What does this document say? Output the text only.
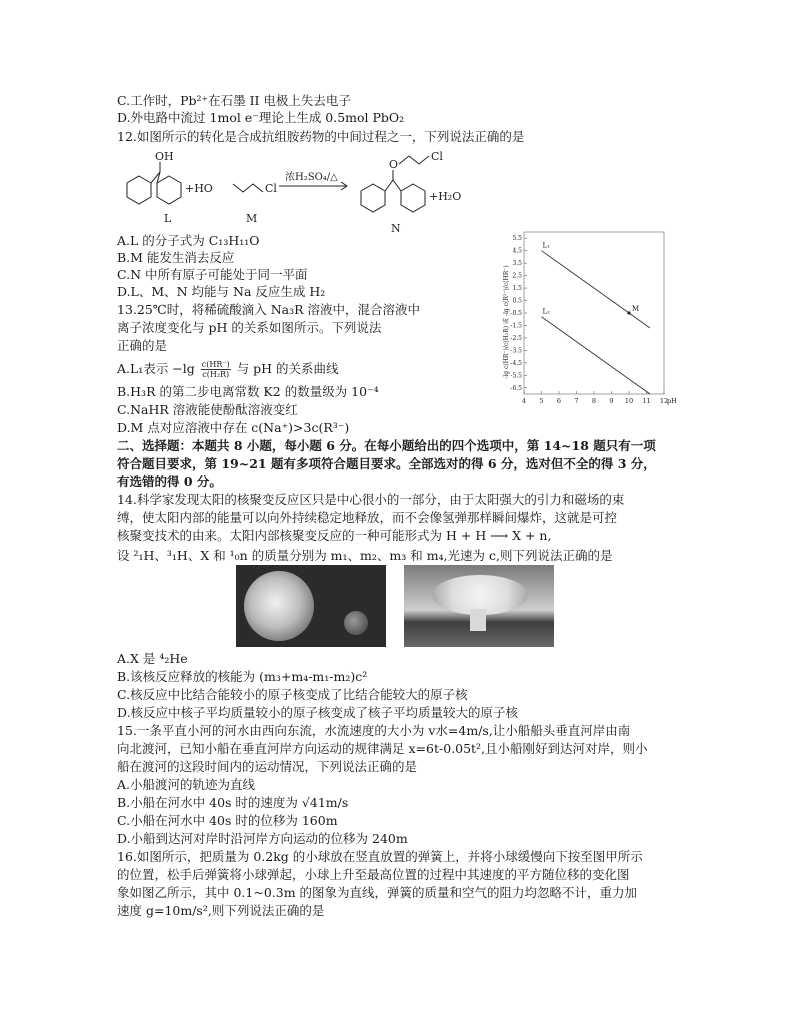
C.工作时，Pb²⁺在石墨 II 电极上失去电子
D.外电路中流过 1mol e⁻理论上生成 0.5mol PbO₂
12.如图所示的转化是合成抗组胺药物的中间过程之一，下列说法正确的是
OH
+HO	Cl
浓H₂SO₄/△
O
Cl
+H₂O
L	M
N
A.L 的分子式为 C₁₃H₁₁O
B.M 能发生消去反应
C.N 中所有原子可能处于同一平面
D.L、M、N 均能与 Na 反应生成 H₂
13.25℃时，将稀硫酸滴入 Na₃R 溶液中，混合溶液中
离子浓度变化与 pH 的关系如图所示。下列说法
正确的是
A.L₁表示 $-\lg \frac{c(HR^-)}{\text{c(H₂R)}}$ 与 pH 的关系曲线
B.H₃R 的第二步电离常数 K2 的数量级为 10⁻⁴
C.NaHR 溶液能使酚酞溶液变红
D.M 点对应溶液中存在 c(Na⁺)>3c(R³⁻)
4 5 6 7 8 9 10 11 12
pH
5.5
4.5
3.5
2.5
1.5
0.5
-0.5
-1.5
-2.5
-3.5
-4.5
-5.5
-6.5
L₁
L₂	M
-lg c(HR⁻)/c(H₂R) 或 -lg c(R²⁻)/c(HR⁻)
二、选择题：本题共 8 小题，每小题 6 分。在每小题给出的四个选项中，第 14~18 题只有一项
符合题目要求，第 19~21 题有多项符合题目要求。全部选对的得 6 分，选对但不全的得 3 分，
有选错的得 0 分。
14.科学家发现太阳的核聚变反应区只是中心很小的一部分，由于太阳强大的引力和磁场的束
缚，使太阳内部的能量可以向外持续稳定地释放，而不会像氢弹那样瞬间爆炸，这就是可控
核聚变技术的由来。太阳内部核聚变反应的一种可能形式为 H + H ⟶ X + n,
设 ²₁H、³₁H、X 和 ¹₀n 的质量分别为 m₁、m₂、m₃ 和 m₄,光速为 c,则下列说法正确的是
A.X 是 ⁴₂He
B.该核反应释放的核能为 (m₃+m₄-m₁-m₂)c²
C.核反应中比结合能较小的原子核变成了比结合能较大的原子核
D.核反应中核子平均质量较小的原子核变成了核子平均质量较大的原子核
15.一条平直小河的河水由西向东流，水流速度的大小为 v水=4m/s,让小船船头垂直河岸由南
向北渡河，已知小船在垂直河岸方向运动的规律满足 x=6t-0.05t²,且小船刚好到达河对岸，则小
船在渡河的这段时间内的运动情况，下列说法正确的是
A.小船渡河的轨迹为直线
B.小船在河水中 40s 时的速度为 √41m/s
C.小船在河水中 40s 时的位移为 160m
D.小船到达河对岸时沿河岸方向运动的位移为 240m
16.如图所示，把质量为 0.2kg 的小球放在竖直放置的弹簧上，并将小球缓慢向下按至图甲所示
的位置，松手后弹簧将小球弹起，小球上升至最高位置的过程中其速度的平方随位移的变化图
象如图乙所示，其中 0.1~0.3m 的图象为直线，弹簧的质量和空气的阻力均忽略不计，重力加
速度 g=10m/s²,则下列说法正确的是
